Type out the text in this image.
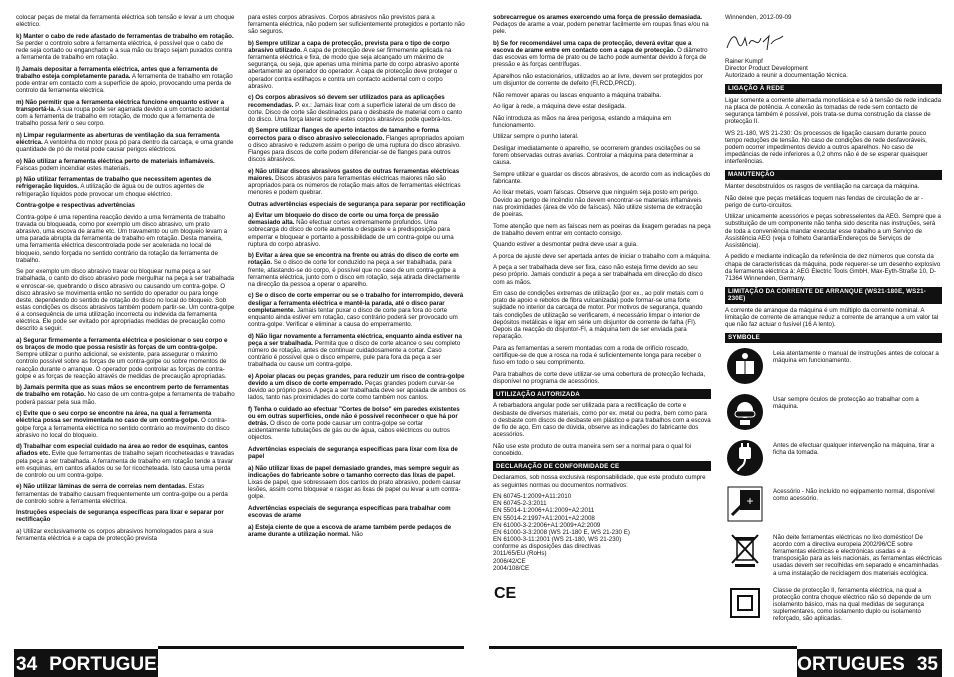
colocar peças de metal da ferramenta eléctrica sob tensão e levar a um choque eléctrico.

k) Manter o cabo de rede afastado de ferramentas de trabalho em rotação. Se perder o controlo sobre a ferramenta eléctrica, é possível que o cabo de rede seja cortado ou enganchado e a sua mão ou braço sejam puxados contra a ferramenta de trabalho em rotação.

l) Jamais depositar a ferramenta eléctrica, antes que a ferramenta de trabalho esteja completamente parada. A ferramenta de trabalho em rotação pode entrar em contacto com a superfície de apoio, provocando uma perda de controlo da ferramenta eléctrica.

m) Não permitir que a ferramenta eléctrica funcione enquanto estiver a transportá-la. A sua roupa pode ser agarrada devido a um contacto acidental com a ferramenta de trabalho em rotação, de modo que a ferramenta de trabalho possa ferir o seu corpo.

n) Limpar regularmente as aberturas de ventilação da sua ferramenta eléctrica. A ventoinha do motor puxa pó para dentro da carcaça, e uma grande quantidade de pó de metal pode causar perigos eléctricos.

o) Não utilizar a ferramenta eléctrica perto de materiais inflamáveis. Faíscas podem incendiar estes materiais.

p) Não utilizar ferramentas de trabalho que necessitem agentes de refrigeração líquidos. A utilização de água ou de outros agentes de refrigeração líquidos pode provocar um choque eléctrico.

Contra-golpe e respectivas advertências

Contra-golpe é uma repentina reacção devido a uma ferramenta de trabalho travada ou bloqueada, como por exemplo um disco abrasivo, um prato abrasivo, uma escova de arame etc. Um travamento ou um bloqueio levam a uma parada abrupta da ferramenta de trabalho em rotação. Desta maneira, uma ferramenta eléctrica descontrolada pode ser acelerada no local de bloqueio, sendo forçada no sentido contrário da rotação da ferramenta de trabalho.

Se por exemplo um disco abrasivo travar ou bloquear numa peça a ser trabalhada, o canto do disco abrasivo pode mergulhar na peça a ser trabalhada e enroscar-se, quebrando o disco abrasivo ou causando um contra-golpe. O disco abrasivo se movimenta então no sentido do operador ou para longe deste, dependendo do sentido de rotação do disco no local do bloqueio. Sob estas condições os discos abrasivos também podem partir-se. Um contra-golpe é a consequência de uma utilização incorrecta ou indevida da ferramenta eléctrica. Ele pode ser evitado por apropriadas medidas de precaução como descrito a seguir.

a) Segurar firmemente a ferramenta eléctrica e posicionar o seu corpo e os braços de modo que possa resistir às forças de um contra-golpe. Sempre utilizar o punho adicional, se existente, para assegurar o máximo controlo possível sobre as forças de um contra-golpe ou sobre momentos de reacção durante o arranque. O operador pode controlar as forças de contra-golpe e as forças de reacção através de medidas de precaução apropriadas.

b) Jamais permita que as suas mãos se encontrem perto de ferramentas de trabalho em rotação. No caso de um contra-golpe a ferramenta de trabalho poderá passar pela sua mão.

c) Evite que o seu corpo se encontre na área, na qual a ferramenta eléctrica possa ser movimentada no caso de um contra-golpe. O contra-golpe força a ferramenta eléctrica no sentido contrário ao movimento do disco abrasivo no local do bloqueio.

d) Trabalhar com especial cuidado na área ao redor de esquinas, cantos afiados etc. Evite que ferramentas de trabalho sejam ricocheteadas e travadas pela peça a ser trabalhada. A ferramenta de trabalho em rotação tende a travar em esquinas, em cantos afiados ou se for ricocheteada. Isto causa uma perda de controlo ou um contra-golpe.

e) Não utilizar lâminas de serra de correias nem dentadas. Estas ferramentas de trabalho causam frequentemente um contra-golpe ou a perda de controlo sobre a ferramenta eléctrica.

Instruções especiais de segurança específicas para lixar e separar por rectificação

a) Utilizar exclusivamente os corpos abrasivos homologados para a sua ferramenta eléctrica e a capa de protecção prevista

para estes corpos abrasivos. Corpos abrasivos não previstos para a ferramenta eléctrica, não podem ser suficientemente protegidos e portanto não são seguros.

b) Sempre utilizar a capa de protecção, prevista para o tipo de corpo abrasivo utilizado. A capa de protecção deve ser firmemente aplicada na ferramenta eléctrica e fixa, de modo que seja alcançado um máximo de segurança, ou seja, que apenas uma mínima parte do corpo abrasivo aponte abertamente ao operador do operador. A capa de protecção deve proteger o operador contra estilhaços e contra um contacto acidental com o corpo abrasivo.

c) Os corpos abrasivos só devem ser utilizados para as aplicações recomendadas. P. ex.: Jamais lixar com a superfície lateral de um disco de corte. Disco de corte são destinados para o desbaste de material com o canto do disco. Uma força lateral sobre estes corpos abrasivos pode quebrá-los.

d) Sempre utilizar flanges de aperto intactos de tamanho e forma correctos para o disco abrasivo seleccionado. Flanges apropriados apoiam o disco abrasivo e reduzem assim o perigo de uma ruptura do disco abrasivo. Flanges para discos de corte podem diferenciar-se de flanges para outros discos abrasivos.

e) Não utilizar discos abrasivos gastos de outras ferramentas eléctricas maiores. Discos abrasivos para ferramentas eléctricas maiores não são apropriados para os números de rotação mais altos de ferramentas eléctricas menores e podem quebrar.

Outras advertências especiais de segurança para separar por rectificação

a) Evitar um bloqueio do disco de corte ou uma força de pressão demasiado alta. Não efectuar cortes extremamente profundos. Uma sobrecarga do disco de corte aumenta o desgaste e a predisposição para emperrar e bloquear e portanto a possibilidade de um contra-golpe ou uma ruptura do corpo abrasivo.

b) Evitar a área que se encontra na frente ou atrás do disco de corte em rotação. Se o disco de corte for conduzido na peça a ser trabalhada, para frente, afastando-se do corpo, é possível que no caso de um contra-golpe a ferramenta eléctrica, junto com o disco em rotação, seja atirada directamente na direcção da pessoa a operar o aparelho.

c) Se o disco de corte emperrar ou se o trabalho for interrompido, deverá desligar a ferramenta eléctrica e mantê-la parada, até o disco parar completamente. Jamais tentar puxar o disco de corte para fora do corte enquanto ainda estiver em rotação, caso contrário poderá ser provocado um contra-golpe. Verificar e eliminar a causa do emperramento.

d) Não ligar novamente a ferramenta eléctrica, enquanto ainda estiver na peça a ser trabalhada. Permita que o disco de corte alcance o seu completo número de rotação, antes de continuar cuidadosamente a cortar. Caso contrário é possível que o disco emperre, pule para fora da peça a ser trabalhada ou cause um contra-golpe.

e) Apoiar placas ou peças grandes, para reduzir um risco de contra-golpe devido a um disco de corte emperrado. Peças grandes podem curvar-se devido ao próprio peso. A peça a ser trabalhada deve ser apoiada de ambos os lados, tanto nas proximidades do corte como também nos cantos.

f) Tenha o cuidado ao efectuar "Cortes de bolso" em paredes existentes ou em outras superfícies, onde não é possível reconhecer o que há por detrás. O disco de corte pode causar um contra-golpe se cortar acidentalmente tubulações de gás ou de água, cabos eléctricos ou outros objectos.

Advertências especiais de segurança específicas para lixar com lixa de papel

a) Não utilizar lixas de papel demasiado grandes, mas sempre seguir as indicações do fabricante sobre o tamanho correcto das lixas de papel. Lixas de papel, que sobressaem dos cantos do prato abrasivo, podem causar lesões, assim como bloquear e rasgar as lixas de papel ou levar a um contra-golpe.

Advertências especiais de segurança específicas para trabalhar com escovas de arame

a) Esteja ciente de que a escova de arame também perde pedaços de arame durante a utilização normal. Não

34 PORTUGUES

sobrecarregue os arames exercendo uma força de pressão demasiada. Pedaços de arame a voar, podem penetrar facilmente em roupas finas e/ou na pele.

b) Se for recomendável uma capa de protecção, deverá evitar que a escova de arame entre em contacto com a capa de protecção. O diâmetro das escovas em forma de prato ou de tacho pode aumentar devido à força de pressão e às forças centrífugas.

Aparelhos não estacionários, utilizados ao ar livre, devem ser protegidos por um disjuntor de corrente de defeito (FI,RCD,PRCD).

Não remover aparas ou lascas enquanto a máquina trabalha.

Ao ligar à rede, a máquina deve estar desligada.

Não introduza as mãos na área perigosa, estando a máquina em funcionamento.

Utilizar sempre o punho lateral.

Desligar imediatamente o aparelho, se ocorrerem grandes oscilações ou se forem observadas outras avarias. Controlar a máquina para determinar a causa.

Sempre utilizar e guardar os discos abrasivos, de acordo com as indicações do fabricante.

Ao lixar metais, voam faíscas. Observe que ninguém seja posto em perigo. Devido ao perigo de incêndio não devem encontrar-se materiais inflamáveis nas proximidades (área de vôo de faíscas). Não utilize sistema de extracção de poeiras.

Tome atenção que nem as faíscas nem as poeiras da lixagem geradas na peça de trabalho devem entrar em contacto consigo.

Quando estiver a desmontar pedra deve usar a guia.

A porca de ajuste deve ser apertada antes de iniciar o trabalho com a máquina.

A peça a ser trabalhada deve ser fixa, caso não esteja firme devido ao seu peso próprio. Jamais conduzir a peça a ser trabalhada em direcção do disco com as mãos.

Em caso de condições extremas de utilização (por ex., ao polir metais com o prato de apoio e rebolos de fibra vulcanizada) pode formar-se uma forte sujidade no interior da carcaça de motor. Por motivos de segurança, quando tais condições de utilização se verificarem, é necessário limpar o interior de depósitos metálicas e ligar em série um disjuntor de corrente de falha (FI). Depois da reacção do disjuntor-FI, a máquina tem de ser enviada para reparação.

Para as ferramentas a serem montadas com a roda de orifício roscado, certifique-se de que a rosca na roda é suficientemente longa para receber o fuso em todo o seu comprimento.

Para trabalhos de corte deve utilizar-se uma cobertura de protecção fechada, disponível no programa de acessórios.

UTILIZAÇÃO AUTORIZADA

A rebarbadora angular pode ser utilizada para a rectificação de corte e desbaste de diversos materiais, como por ex. metal ou pedra, bem como para o desbaste com discos de desbaste em plástico e para trabalhos com a escova de fio de aço. Em caso de dúvida, observe as indicações do fabricante dos acessórios.

Não use este produto de outra maneira sem ser a normal para o qual foi concebido.

DECLARAÇÃO DE CONFORMIDADE CE

Declaramos, sob nossa exclusiva responsabilidade, que este produto cumpre as seguintes normas ou documentos normativos:

EN 60745-1:2009+A11:2010

EN 60745-2-3:2011

EN 55014-1:2006+A1:2009+A2:2011

EN 55014-2:1997+A1:2001+A2:2008

EN 61000-3-2:2006+A1:2009+A2:2009

EN 61000-3-3:2008 (WS 21-180 E, WS 21-230 E)

EN 61000-3-11:2001 (WS 21-180, WS 21-230)

conforme as disposições das directivas

2011/65/EU (RoHs)

2006/42/CE

2004/108/CE

CE

Winnenden, 2012-09-09

Rainer Kumpf
Director Product Development
Autorizado a reunir a documentação técnica.

LIGAÇÃO À REDE

Ligar somente a corrente alternada monofásica e só à tensão de rede indicada na placa de potência. A conexão às tomadas de rede sem contacto de segurança também é possível, pois trata-se duma construção da classe de protecção II.

WS 21-180, WS 21-230: Os processos de ligação causam durante pouco tempo reduções de tensão. No caso de condições de rede desfavoráveis, podem ocorrer impedimentos devido a outros aparelhos. No caso de impedâncias de rede inferiores a 0,2 ohms não é de se esperar quaisquer interferências.

MANUTENÇÃO

Manter desobstruídos os rasgos de ventilação na carcaça da máquina.

Não deixe que peças metálicas toquem nas fendas de circulação de ar - perigo de curto-circuitos.

Utilizar unicamente acessórios e peças sobresselentes da AEG. Sempre que a substituição de um componente não tenha sido descrita nas instruções, será de toda a conveniência mandar executar esse trabalho a um Serviço de Assistência AEG (veja o folheto Garantia/Endereços de Serviços de Assistência).

A pedido e mediante indicação da referência de dez números que consta da chapa de características da máquina, pode requerer-se um desenho explosivo da ferramenta eléctrica à: AEG Electric Tools GmbH, Max-Eyth-Straße 10, D-71364 Winnenden, Germany.

LIMITAÇÃO DA CORRENTE DE ARRANQUE (WS21-180E, WS21-230E)

A corrente de arranque da máquina é um múltiplo da corrente nominal. A limitação de corrente de arranque reduz a corrente de arranque a um valor tal que não faz actuar o fusível (16 A lento).

SYMBOLE
Leia atentamente o manual de instruções antes de colocar a máquina em funcionamento.
Usar sempre óculos de protecção ao trabalhar com a máquina.
Antes de efectuar qualquer intervenção na máquina, tirar a ficha da tomada.
+
Acessório - Não incluído no eqipamento normal, disponível como acessório.
Não deite ferramentas eléctricas no lixo doméstico! De acordo com a directiva europeia 2002/96/CE sobre ferramentas eléctricas e electrónicas usadas e a transposição para as leis nacionais, as ferramentas eléctricas usadas devem ser recolhidas em separado e encaminhadas a uma instalação de reciclagem dos materiais ecológica.
Classe de protecção II, ferramenta eléctrica, na qual a protecção contra choque eléctrico não só depende de um isolamento básico, mas na qual medidas de segurança suplementares, como isolamento duplo ou isolamento reforçado, são aplicadas.
PORTUGUES 35
